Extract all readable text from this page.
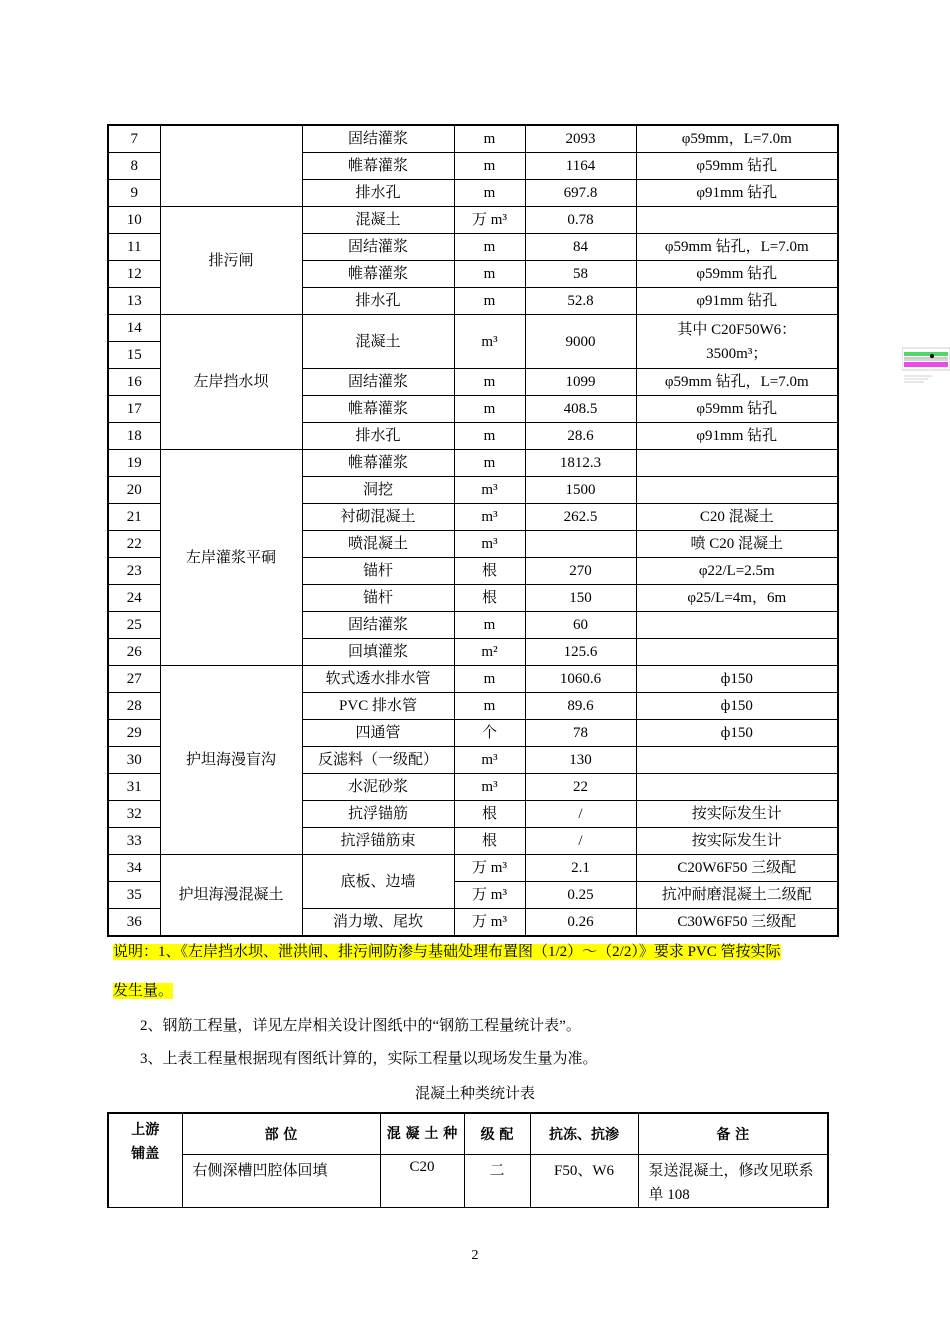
7		固结灌浆	m	2093	φ59mm，L=7.0m
8		帷幕灌浆	m	1164	φ59mm 钻孔
9		排水孔	m	697.8	φ91mm 钻孔
10	排污闸	混凝土	万 m³	0.78	
11		固结灌浆	m	84	φ59mm 钻孔，L=7.0m
12		帷幕灌浆	m	58	φ59mm 钻孔
13		排水孔	m	52.8	φ91mm 钻孔
14	左岸挡水坝	混凝土	m³	9000	其中 C20F50W6：3500m³；
15					
16		固结灌浆	m	1099	φ59mm 钻孔，L=7.0m
17		帷幕灌浆	m	408.5	φ59mm 钻孔
18		排水孔	m	28.6	φ91mm 钻孔
19	左岸灌浆平硐	帷幕灌浆	m	1812.3	
20		洞挖	m³	1500	
21		衬砌混凝土	m³	262.5	C20 混凝土
22		喷混凝土	m³		喷 C20 混凝土
23		锚杆	根	270	φ22/L=2.5m
24		锚杆	根	150	φ25/L=4m，6m
25		固结灌浆	m	60	
26		回填灌浆	m²	125.6	
27	护坦海漫盲沟	软式透水排水管	m	1060.6	ф150
28		PVC 排水管	m	89.6	ф150
29		四通管	个	78	ф150
30		反滤料（一级配）	m³	130	
31		水泥砂浆	m³	22	
32		抗浮锚筋	根	/	按实际发生计
33		抗浮锚筋束	根	/	按实际发生计
34	护坦海漫混凝土	底板、边墙	万 m³	2.1	C20W6F50 三级配
35			万 m³	0.25	抗冲耐磨混凝土二级配
36		消力墩、尾坎	万 m³	0.26	C30W6F50 三级配
说明：1、《左岸挡水坝、泄洪闸、排污闸防渗与基础处理布置图（1/2）～（2/2）》要求 PVC 管按实际
发生量。
2、钢筋工程量，详见左岸相关设计图纸中的“钢筋工程量统计表”。
3、上表工程量根据现有图纸计算的，实际工程量以现场发生量为准。
混凝土种类统计表
上游铺盖	部 位	混 凝 土 种	级 配	抗冻、抗渗	备 注
	右侧深槽凹腔体回填	C20	二	F50、W6	泵送混凝土，修改见联系单 108
2
